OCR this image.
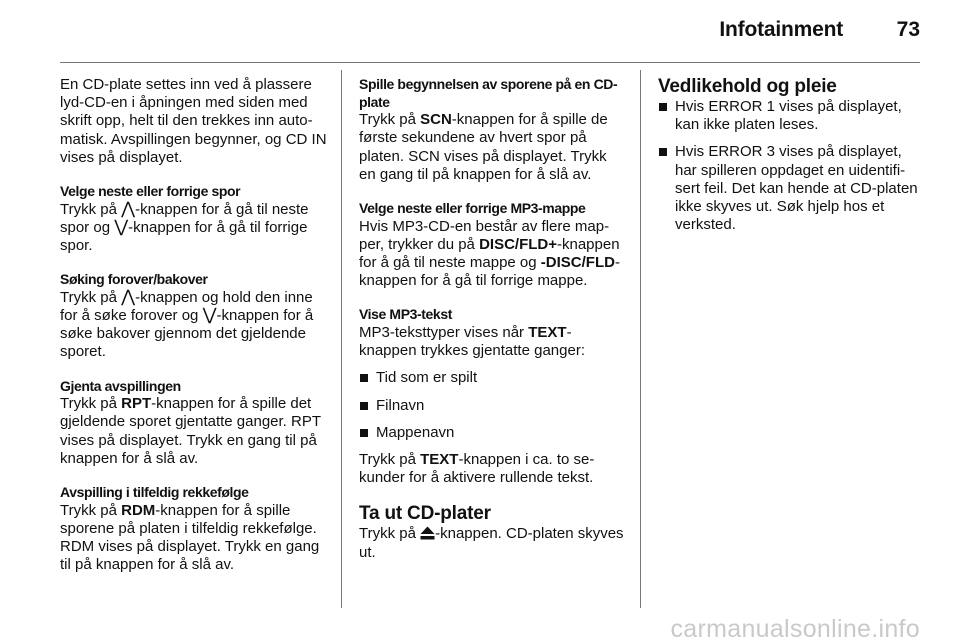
Infotainment	73

En CD-plate settes inn ved å plassere lyd-CD-en i åpningen med siden med skrift opp, helt til den trekkes inn automatisk. Avspillingen begynner, og CD IN vises på displayet.

Velge neste eller forrige spor

Trykk på ⋀-knappen for å gå til neste spor og ⋁-knappen for å gå til forrige spor.

Søking forover/bakover

Trykk på ⋀-knappen og hold den inne for å søke forover og ⋁-knappen for å søke bakover gjennom det gjeldende sporet.

Gjenta avspillingen

Trykk på RPT-knappen for å spille det gjeldende sporet gjentatte ganger. RPT vises på displayet. Trykk en gang til på knappen for å slå av.

Avspilling i tilfeldig rekkefølge

Trykk på RDM-knappen for å spille sporene på platen i tilfeldig rekkefølge. RDM vises på displayet. Trykk en gang til på knappen for å slå av.

Spille begynnelsen av sporene på en CD-plate

Trykk på SCN-knappen for å spille de første sekundene av hvert spor på platen. SCN vises på displayet. Trykk en gang til på knappen for å slå av.

Velge neste eller forrige MP3-mappe

Hvis MP3-CD-en består av flere mapper, trykker du på DISC/FLD+-knappen for å gå til neste mappe og -DISC/FLD-knappen for å gå til forrige mappe.

Vise MP3-tekst
MP3-teksttyper vises når TEXT-knappen trykkes gjentatte ganger:
Tid som er spilt
Filnavn
Mappenavn

Trykk på TEXT-knappen i ca. to sekunder for å aktivere rullende tekst.

Ta ut CD-plater

Trykk på -knappen. CD-platen skyves ut.

Vedlikehold og pleie
Hvis ERROR 1 vises på displayet, kan ikke platen leses.
Hvis ERROR 3 vises på displayet, har spilleren oppdaget en uidentifisert feil. Det kan hende at CD-platen ikke skyves ut. Søk hjelp hos et verksted.
carmanualsonline.info
